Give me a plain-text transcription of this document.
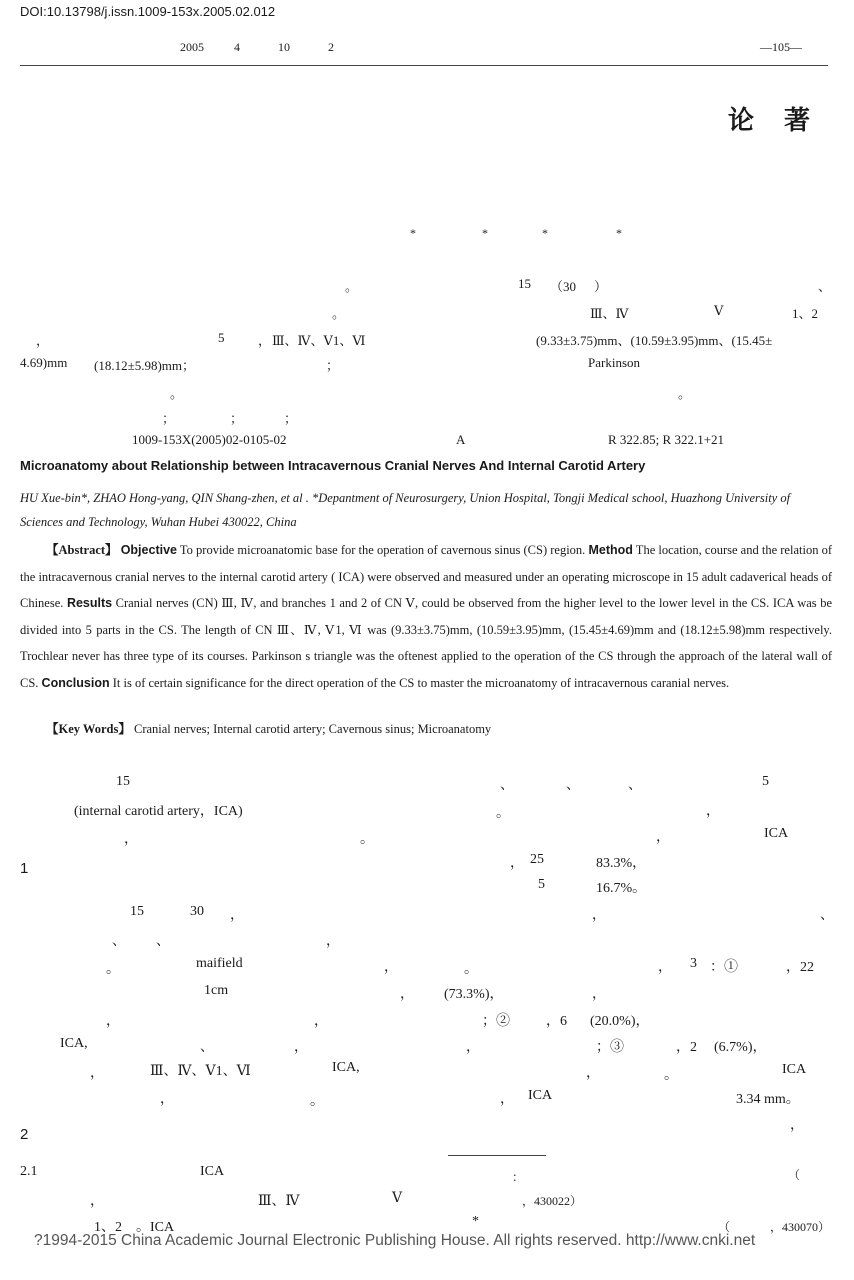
DOI:10.13798/j.issn.1009-153x.2005.02.012
2005	4	10	2	—105—
论　著
*	*	*	*
。	15 （30 ）	、
。	Ⅲ、Ⅳ	Ⅴ	1、2
，	5	， Ⅲ、Ⅳ、Ⅴ1、Ⅵ	(9.33±3.75)mm、(10.59±3.95)mm、(15.45±
4.69)mm (18.12±5.98)mm；	；	Parkinson
。	。
；	；	；
1009-153X(2005)02-0105-02	A	R 322.85; R 322.1+21
Microanatomy about Relationship between Intracavernous Cranial Nerves And Internal Carotid Artery
HU Xue-bin*, ZHAO Hong-yang, QIN Shang-zhen, et al . *Depantment of Neurosurgery, Union Hospital, Tongji Medical school, Huazhong University of Sciences and Technology, Wuhan Hubei 430022, China
【Abstract】 Objective To provide microanatomic base for the operation of cavernous sinus (CS) region. Method The location, course and the relation of the intracavernous cranial nerves to the internal carotid artery ( ICA) were observed and measured under an operating microscope in 15 adult cadaverical heads of Chinese. Results Cranial nerves (CN) Ⅲ, Ⅳ, and branches 1 and 2 of CN Ⅴ, could be observed from the higher level to the lower level in the CS. ICA was be divided into 5 parts in the CS. The length of CN Ⅲ、Ⅳ, Ⅴ1, Ⅵ was (9.33±3.75)mm, (10.59±3.95)mm, (15.45±4.69)mm and (18.12±5.98)mm respectively. Trochlear never has three type of its courses. Parkinson s triangle was the oftenest applied to the operation of the CS through the approach of the lateral wall of CS. Conclusion It is of certain significance for the direct operation of the CS to master the microanatomy of intracavernous caranial nerves.
【Key Words】 Cranial nerves; Internal carotid artery; Cavernous sinus; Microanatomy
15
(internal carotid artery，ICA)
，	。
1
15	30 ，
、 、	，
。	maifield	，	。
1cm	， (73.3%)，	，
，	，
ICA,	、	，
，	Ⅲ、Ⅳ、Ⅴ1、Ⅵ	ICA,
，	。
2
2.1	ICA
，	Ⅲ、Ⅳ	Ⅴ
1、2　。ICA
、	、	、	5
。	，
，	ICA
， 25	83.3%，
5	16.7%。
，	、
， 3 ：①	，22
；②	，6 (20.0%)，
，	；③	，2 (6.7%)，
，	。	ICA
， ICA	3.34 mm。
，
：	（
，430022）
*	（	，430070）
?1994-2015 China Academic Journal Electronic Publishing House. All rights reserved. http://www.cnki.net
